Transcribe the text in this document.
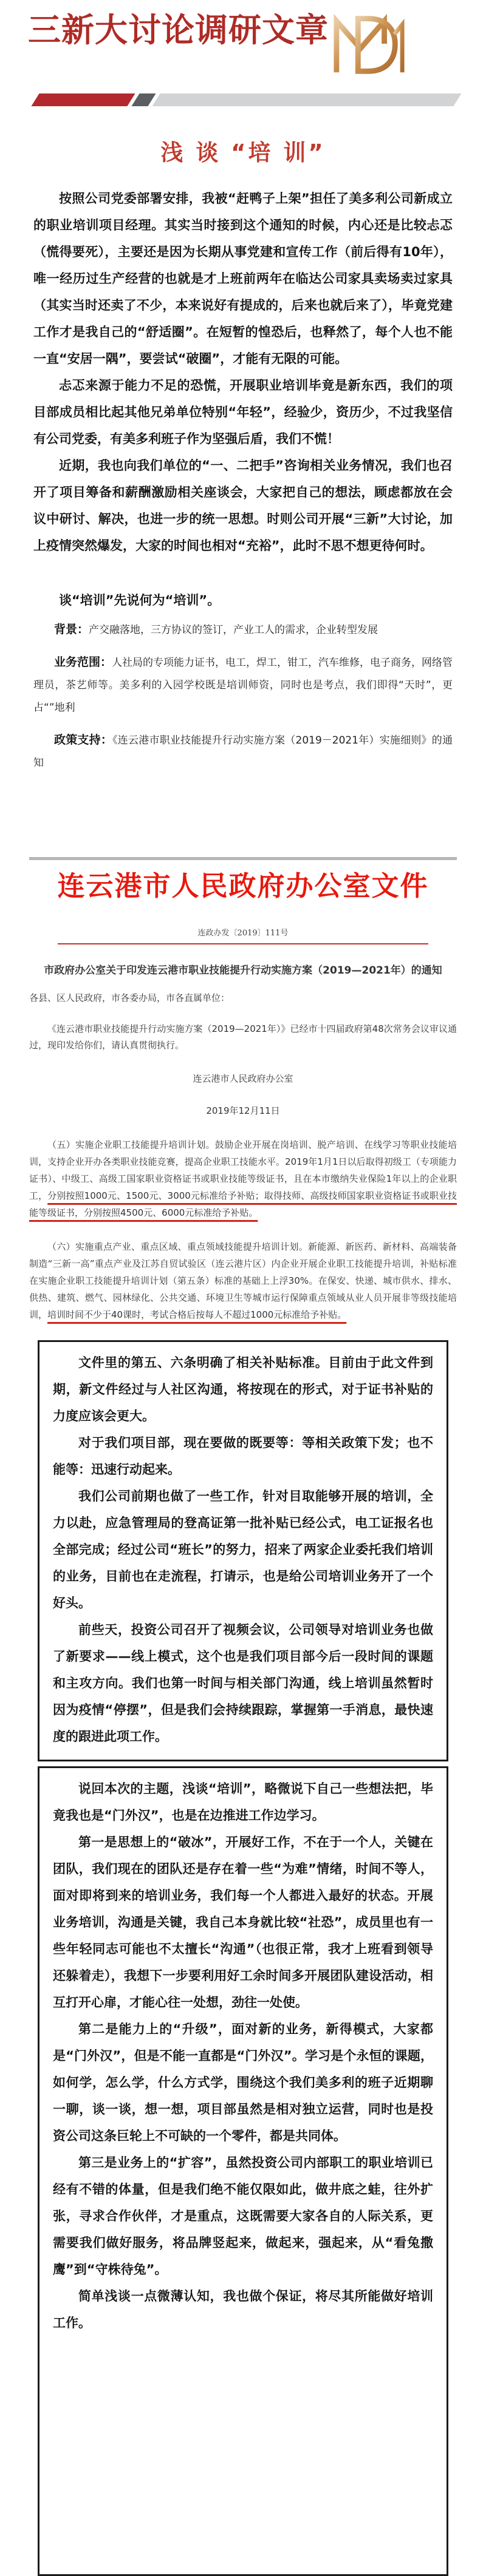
三新大讨论调研文章
浅 谈 “培 训”

按照公司党委部署安排，我被“赶鸭子上架”担任了美多利公司新成立的职业培训项目经理。其实当时接到这个通知的时候，内心还是比较忐忑（慌得要死），主要还是因为长期从事党建和宣传工作（前后得有10年），唯一经历过生产经营的也就是才上班前两年在临达公司家具卖场卖过家具（其实当时还卖了不少，本来说好有提成的，后来也就后来了），毕竟党建工作才是我自己的“舒适圈”。在短暂的惶恐后，也释然了，每个人也不能一直“安居一隅”，要尝试“破圈”，才能有无限的可能。

忐忑来源于能力不足的恐慌，开展职业培训毕竟是新东西，我们的项目部成员相比起其他兄弟单位特别“年轻”，经验少，资历少，不过我坚信有公司党委，有美多利班子作为坚强后盾，我们不慌！

近期，我也向我们单位的“一、二把手”咨询相关业务情况，我们也召开了项目筹备和薪酬激励相关座谈会，大家把自己的想法，顾虑都放在会议中研讨、解决，也进一步的统一思想。时则公司开展“三新”大讨论，加上疫情突然爆发，大家的时间也相对“充裕”，此时不思不想更待何时。

谈“培训”先说何为“培训”。

背景：产交融落地，三方协议的签订，产业工人的需求，企业转型发展

业务范围：人社局的专项能力证书，电工，焊工，钳工，汽车维修，电子商务，网络管理员，茶艺师等。美多利的入园学校既是培训师资，同时也是考点，我们即得“天时”，更占“”地利

政策支持：《连云港市职业技能提升行动实施方案（2019－2021年）实施细则》的通知

连云港市人民政府办公室文件
连政办发〔2019〕111号
市政府办公室关于印发连云港市职业技能提升行动实施方案（2019—2021年）的通知
各县、区人民政府，市各委办局，市各直属单位：

《连云港市职业技能提升行动实施方案（2019—2021年）》已经市十四届政府第48次常务会议审议通过，现印发给你们，请认真贯彻执行。

连云港市人民政府办公室
2019年12月11日

（五）实施企业职工技能提升培训计划。鼓励企业开展在岗培训、脱产培训、在线学习等职业技能培训，支持企业开办各类职业技能竞赛，提高企业职工技能水平。2019年1月1日以后取得初级工（专项能力证书）、中级工、高级工国家职业资格证书或职业技能等级证书，且在本市缴纳失业保险1年以上的企业职工，分别按照1000元、1500元、3000元标准给予补贴；取得技师、高级技师国家职业资格证书或职业技能等级证书，分别按照4500元、6000元标准给予补贴。

（六）实施重点产业、重点区域、重点领域技能提升培训计划。新能源、新医药、新材料、高端装备制造“三新一高”重点产业及江苏自贸试验区（连云港片区）内企业开展企业职工技能提升培训，补贴标准在实施企业职工技能提升培训计划（第五条）标准的基础上上浮30%。在保安、快递、城市供水、排水、供热、建筑、燃气、园林绿化、公共交通、环境卫生等城市运行保障重点领域从业人员开展非等级技能培训，培训时间不少于40课时，考试合格后按每人不超过1000元标准给予补贴。

文件里的第五、六条明确了相关补贴标准。目前由于此文件到期，新文件经过与人社区沟通，将按现在的形式，对于证书补贴的力度应该会更大。

对于我们项目部，现在要做的既要等：等相关政策下发；也不能等：迅速行动起来。

我们公司前期也做了一些工作，针对目取能够开展的培训，全力以赴，应急管理局的登高证第一批补贴已经公式，电工证报名也全部完成；经过公司“班长”的努力，招来了两家企业委托我们培训的业务，目前也在走流程，打请示，也是给公司培训业务开了一个好头。

前些天，投资公司召开了视频会议，公司领导对培训业务也做了新要求——线上模式，这个也是我们项目部今后一段时间的课题和主攻方向。我们也第一时间与相关部门沟通，线上培训虽然暂时因为疫情“停摆”，但是我们会持续跟踪，掌握第一手消息，最快速度的跟进此项工作。

说回本次的主题，浅谈“培训”，略微说下自己一些想法把，毕竟我也是“门外汉”，也是在边推进工作边学习。

第一是思想上的“破冰”，开展好工作，不在于一个人，关键在团队，我们现在的团队还是存在着一些“为难”情绪，时间不等人，面对即将到来的培训业务，我们每一个人都进入最好的状态。开展业务培训，沟通是关键，我自己本身就比较“社恐”，成员里也有一些年轻同志可能也不太擅长“沟通”（也很正常，我才上班看到领导还躲着走），我想下一步要利用好工余时间多开展团队建设活动，相互打开心扉，才能心往一处想，劲往一处使。

第二是能力上的“升级”，面对新的业务，新得模式，大家都是“门外汉”，但是不能一直都是“门外汉”。学习是个永恒的课题，如何学，怎么学，什么方式学，围绕这个我们美多利的班子近期聊一聊，谈一谈，想一想，项目部虽然是相对独立运营，同时也是投资公司这条巨轮上不可缺的一个零件，都是共同体。

第三是业务上的“扩容”，虽然投资公司内部职工的职业培训已经有不错的体量，但是我们绝不能仅限如此，做井底之蛙，往外扩张，寻求合作伙伴，才是重点，这既需要大家各自的人际关系，更需要我们做好服务，将品牌竖起来，做起来，强起来，从“看兔撒鹰”到“守株待兔”。

简单浅谈一点微薄认知，我也做个保证，将尽其所能做好培训工作。
